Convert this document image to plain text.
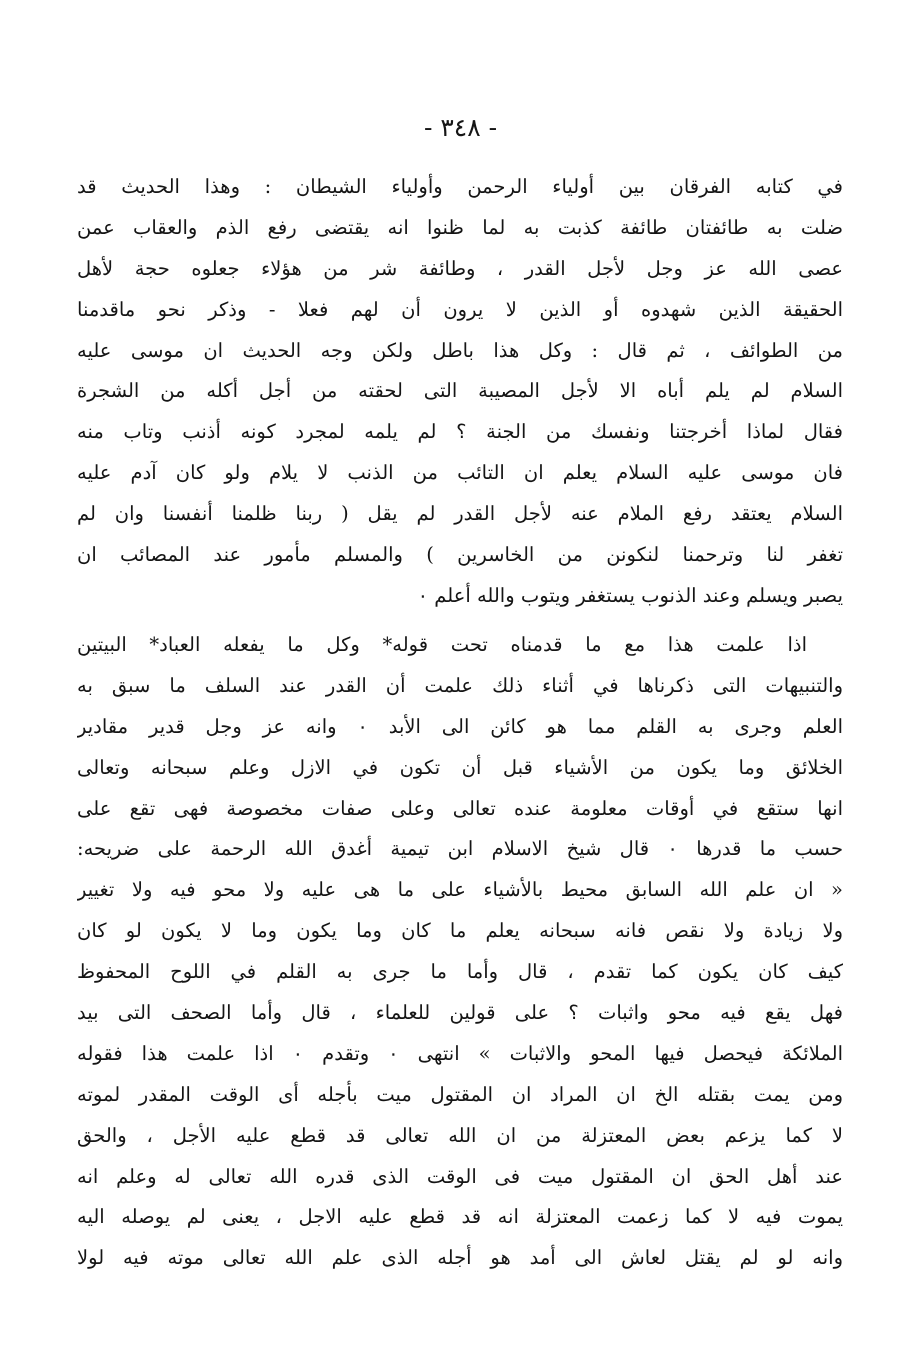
- ٣٤٨ -
في كتابه الفرقان بين أولياء الرحمن وأولياء الشيطان : وهذا الحديث قد
ضلت به طائفتان طائفة كذبت به لما ظنوا انه يقتضى رفع الذم والعقاب عمن
عصى الله عز وجل لأجل القدر ، وطائفة شر من هؤلاء جعلوه حجة لأهل
الحقيقة الذين شهدوه أو الذين لا يرون أن لهم فعلا - وذكر نحو ماقدمنا
من الطوائف ، ثم قال : وكل هذا باطل ولكن وجه الحديث ان موسى عليه
السلام لم يلم أباه الا لأجل المصيبة التى لحقته من أجل أكله من الشجرة
فقال لماذا أخرجتنا ونفسك من الجنة ؟ لم يلمه لمجرد كونه أذنب وتاب منه
فان موسى عليه السلام يعلم ان التائب من الذنب لا يلام ولو كان آدم عليه
السلام يعتقد رفع الملام عنه لأجل القدر لم يقل ( ربنا ظلمنا أنفسنا وان لم
تغفر لنا وترحمنا لنكونن من الخاسرين ) والمسلم مأمور عند المصائب ان
يصبر ويسلم وعند الذنوب يستغفر ويتوب والله أعلم ٠
اذا علمت هذا مع ما قدمناه تحت قوله* وكل ما يفعله العباد* البيتين
والتنبيهات التى ذكرناها في أثناء ذلك علمت أن القدر عند السلف ما سبق به
العلم وجرى به القلم مما هو كائن الى الأبد ٠ وانه عز وجل قدير مقادير
الخلائق وما يكون من الأشياء قبل أن تكون في الازل وعلم سبحانه وتعالى
انها ستقع في أوقات معلومة عنده تعالى وعلى صفات مخصوصة فهى تقع على
حسب ما قدرها ٠ قال شيخ الاسلام ابن تيمية أغدق الله الرحمة على ضريحه:
« ان علم الله السابق محيط بالأشياء على ما هى عليه ولا محو فيه ولا تغيير
ولا زيادة ولا نقص فانه سبحانه يعلم ما كان وما يكون وما لا يكون لو كان
كيف كان يكون كما تقدم ، قال وأما ما جرى به القلم في اللوح المحفوظ
فهل يقع فيه محو واثبات ؟ على قولين للعلماء ، قال وأما الصحف التى بيد
الملائكة فيحصل فيها المحو والاثبات » انتهى ٠ وتقدم ٠ اذا علمت هذا فقوله
ومن يمت بقتله الخ ان المراد ان المقتول ميت بأجله أى الوقت المقدر لموته
لا كما يزعم بعض المعتزلة من ان الله تعالى قد قطع عليه الأجل ، والحق
عند أهل الحق ان المقتول ميت فى الوقت الذى قدره الله تعالى له وعلم انه
يموت فيه لا كما زعمت المعتزلة انه قد قطع عليه الاجل ، يعنى لم يوصله اليه
وانه لو لم يقتل لعاش الى أمد هو أجله الذى علم الله تعالى موته فيه لولا
